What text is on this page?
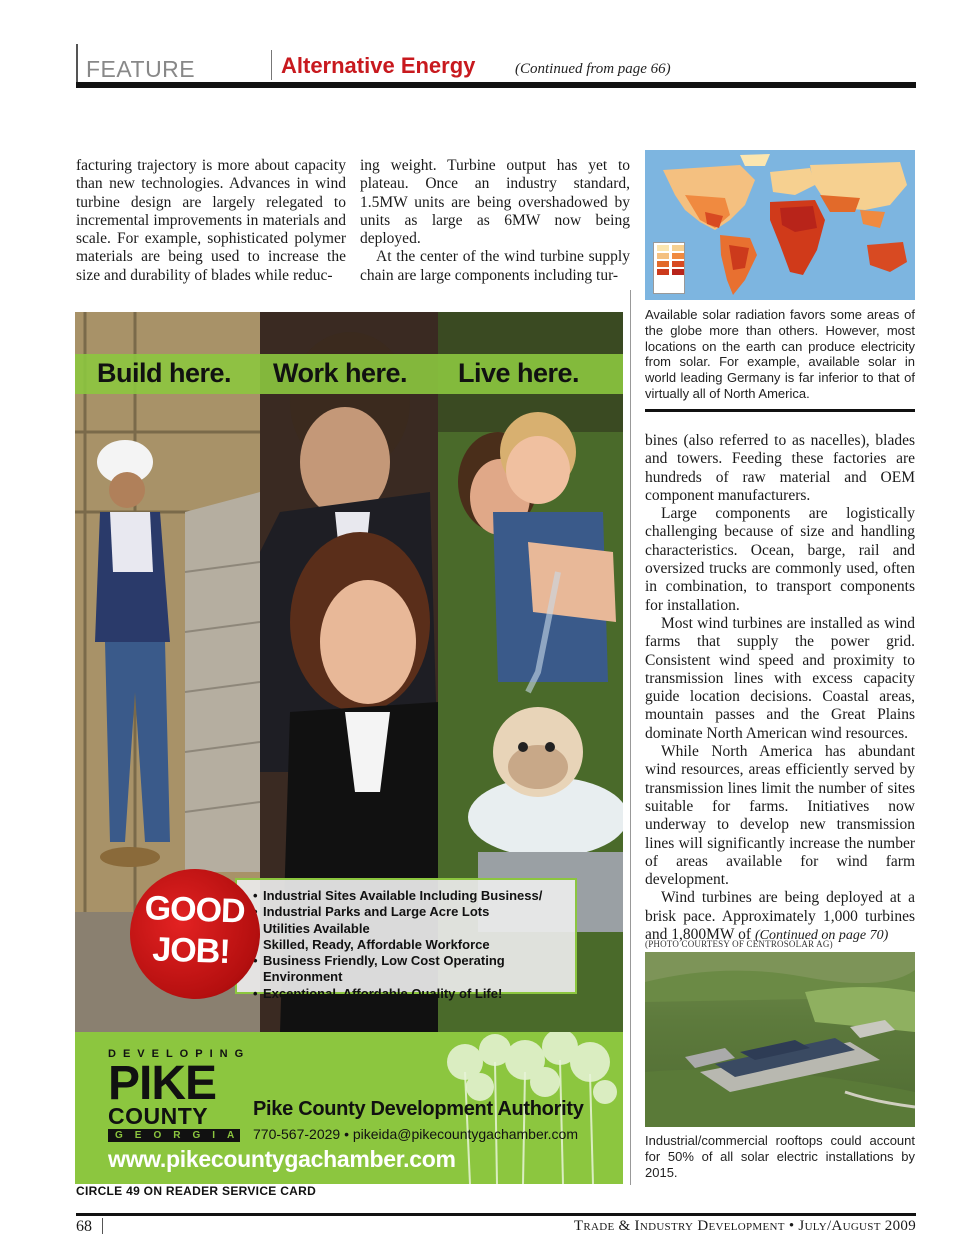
FEATURE	Alternative Energy	(Continued from page 66)

facturing trajectory is more about capacity than new technologies. Advances in wind turbine design are largely relegated to incremental improvements in materials and scale. For example, sophisticated polymer materials are being used to increase the size and durability of blades while reduc-

ing weight. Turbine output has yet to plateau. Once an industry standard, 1.5MW units are being overshadowed by units as large as 6MW now being deployed.

At the center of the wind turbine supply chain are large components including tur-

Available solar radiation favors some areas of the globe more than others. However, most locations on the earth can produce electricity from solar. For example, available solar in world leading Germany is far inferior to that of virtually all of North America.

bines (also referred to as nacelles), blades and towers. Feeding these factories are hundreds of raw material and OEM component manufacturers.

Large components are logistically challenging because of size and handling characteristics. Ocean, barge, rail and oversized trucks are commonly used, often in combination, to transport components for installation.

Most wind turbines are installed as wind farms that supply the power grid. Consistent wind speed and proximity to transmission lines with excess capacity guide location decisions. Coastal areas, mountain passes and the Great Plains dominate North American wind resources.

While North America has abundant wind resources, areas efficiently served by transmission lines limit the number of sites suitable for farms. Initiatives now underway to develop new transmission lines will significantly increase the number of areas available for wind farm development.

Wind turbines are being deployed at a brisk pace. Approximately 1,000 turbines and 1,800MW of (Continued on page 70)

(PHOTO COURTESY OF CENTROSOLAR AG)
Industrial/commercial rooftops could account for 50% of all solar electric installations by 2015.
Build here. Work here. Live here.
• Industrial Sites Available Including Business/
• Industrial Parks and Large Acre Lots
• Utilities Available
• Skilled, Ready, Affordable Workforce
• Business Friendly, Low Cost Operating Environment
• Exceptional, Affordable Quality of Life!
GOOD
JOB!
DEVELOPING
PIKE
COUNTY
GEORGIA
Pike County Development Authority
770-567-2029 • pikeida@pikecountygachamber.com
www.pikecountygachamber.com
CIRCLE 49 ON READER SERVICE CARD
68	Trade & Industry Development • July/August 2009
